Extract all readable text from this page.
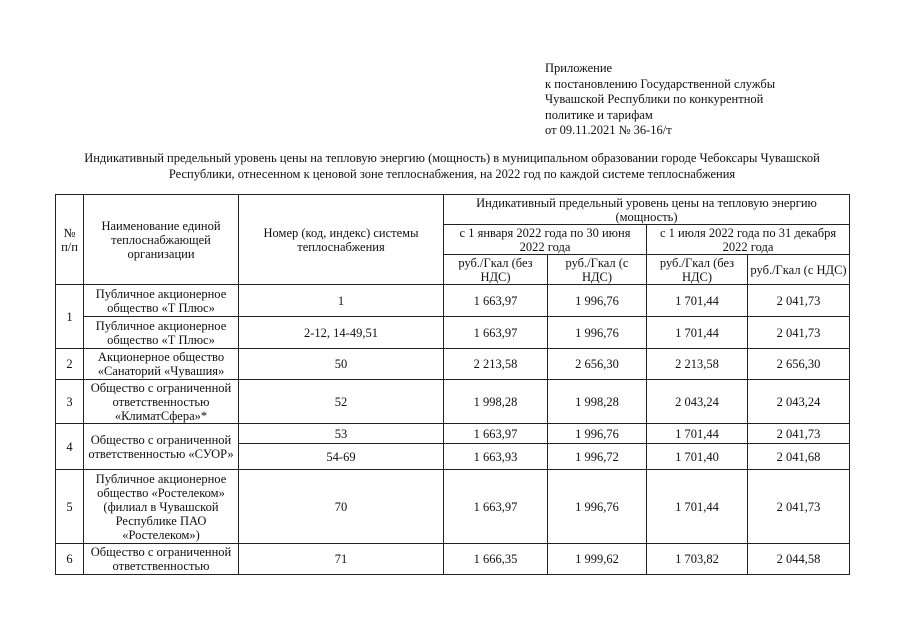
Приложение
к постановлению Государственной службы
Чувашской Республики по конкурентной
политике и тарифам
от 09.11.2021 № 36-16/т
Индикативный предельный уровень цены на тепловую энергию (мощность) в муниципальном образовании городе Чебоксары Чувашской
Республики, отнесенном к ценовой зоне теплоснабжения, на 2022 год по каждой системе теплоснабжения
№ п/п	Наименование единой теплоснабжающей организации	Номер (код, индекс) системы теплоснабжения	Индикативный предельный уровень цены на тепловую энергию (мощность)			
			с 1 января 2022 года по 30 июня 2022 года		с 1 июля 2022 года по 31 декабря 2022 года	
			руб./Гкал (без НДС)	руб./Гкал (с НДС)	руб./Гкал (без НДС)	руб./Гкал (с НДС)
1	Публичное акционерное общество «Т Плюс»	1	1 663,97	1 996,76	1 701,44	2 041,73
	Публичное акционерное общество «Т Плюс»	2-12, 14-49,51	1 663,97	1 996,76	1 701,44	2 041,73
2	Акционерное общество «Санаторий «Чувашия»	50	2 213,58	2 656,30	2 213,58	2 656,30
3	Общество с ограниченной ответственностью «КлиматСфера»*	52	1 998,28	1 998,28	2 043,24	2 043,24
4	Общество с ограниченной ответственностью «СУОР»	53	1 663,97	1 996,76	1 701,44	2 041,73
		54-69	1 663,93	1 996,72	1 701,40	2 041,68
5	Публичное акционерное общество «Ростелеком» (филиал в Чувашской Республике ПАО «Ростелеком»)	70	1 663,97	1 996,76	1 701,44	2 041,73
6	Общество с ограниченной ответственностью	71	1 666,35	1 999,62	1 703,82	2 044,58
